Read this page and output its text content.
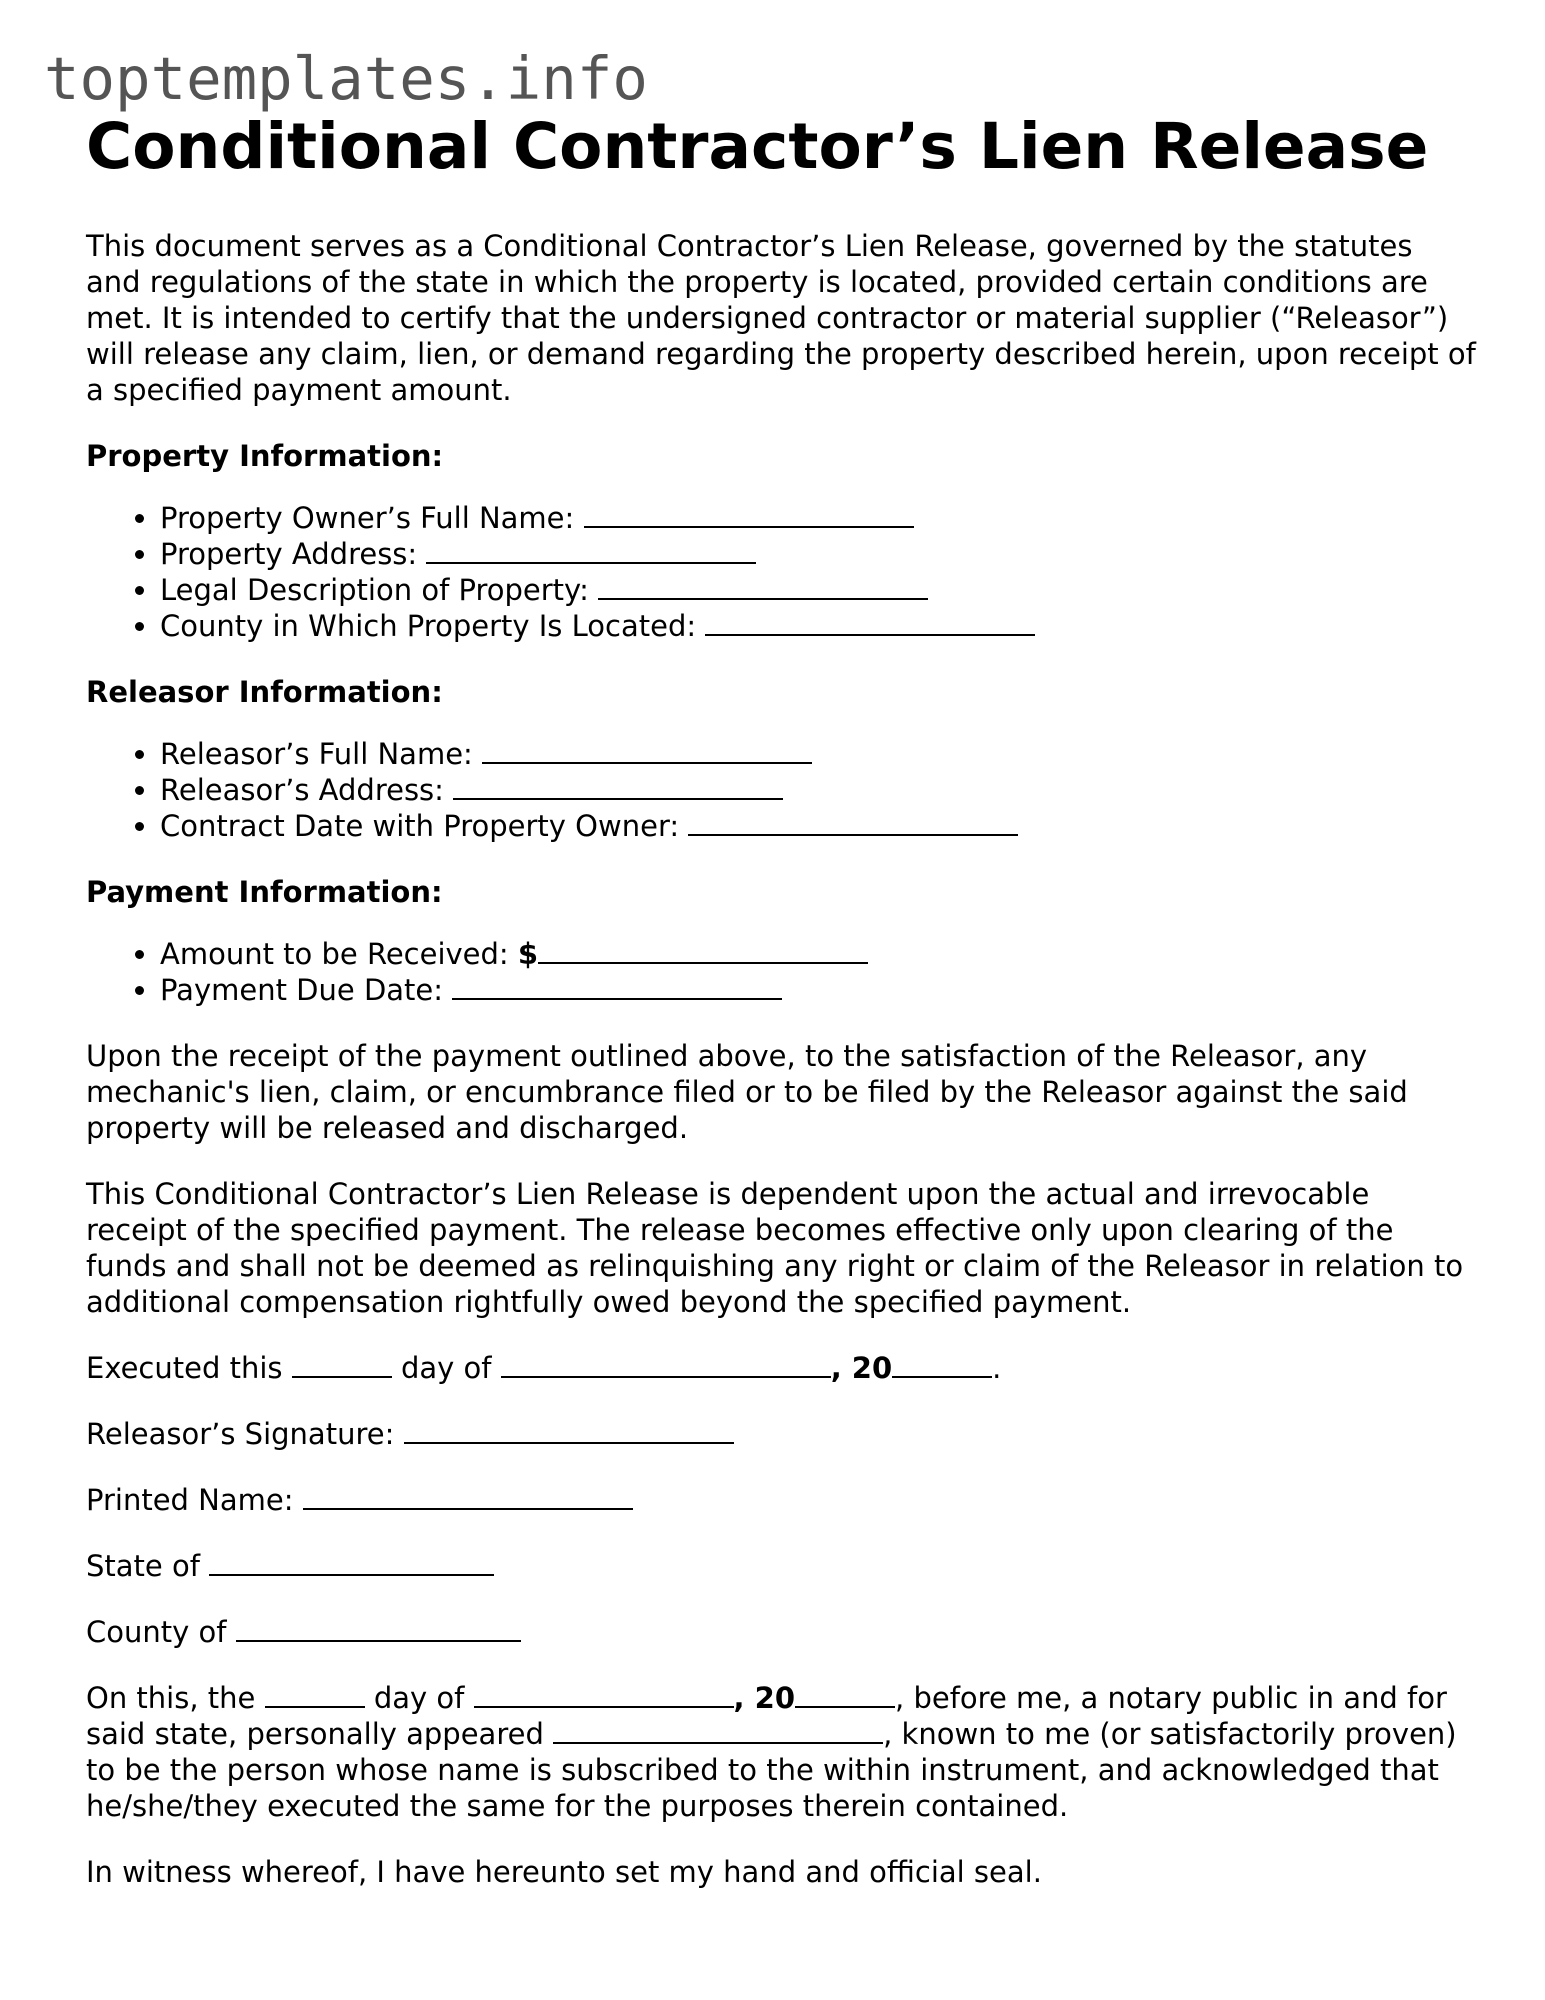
toptemplates.info
Conditional Contractor’s Lien Release

This document serves as a Conditional Contractor’s Lien Release, governed by the statutes and regulations of the state in which the property is located, provided certain conditions are met. It is intended to certify that the undersigned contractor or material supplier (“Releasor”) will release any claim, lien, or demand regarding the property described herein, upon receipt of a specified payment amount.

Property Information:
• Property Owner’s Full Name:
• Property Address:
• Legal Description of Property:
• County in Which Property Is Located:
Releasor Information:
• Releasor’s Full Name:
• Releasor’s Address:
• Contract Date with Property Owner:
Payment Information:
• Amount to be Received: $
• Payment Due Date:

Upon the receipt of the payment outlined above, to the satisfaction of the Releasor, any mechanic's lien, claim, or encumbrance filed or to be filed by the Releasor against the said property will be released and discharged.

This Conditional Contractor’s Lien Release is dependent upon the actual and irrevocable receipt of the specified payment. The release becomes effective only upon clearing of the funds and shall not be deemed as relinquishing any right or claim of the Releasor in relation to additional compensation rightfully owed beyond the specified payment.

Executed this	day of	, 20	.

Releasor’s Signature:

Printed Name:

State of

County of

On this, the	day of	, 20	, before me, a notary public in and for said state, personally appeared	, known to me (or satisfactorily proven) to be the person whose name is subscribed to the within instrument, and acknowledged that he/she/they executed the same for the purposes therein contained.

In witness whereof, I have hereunto set my hand and official seal.
